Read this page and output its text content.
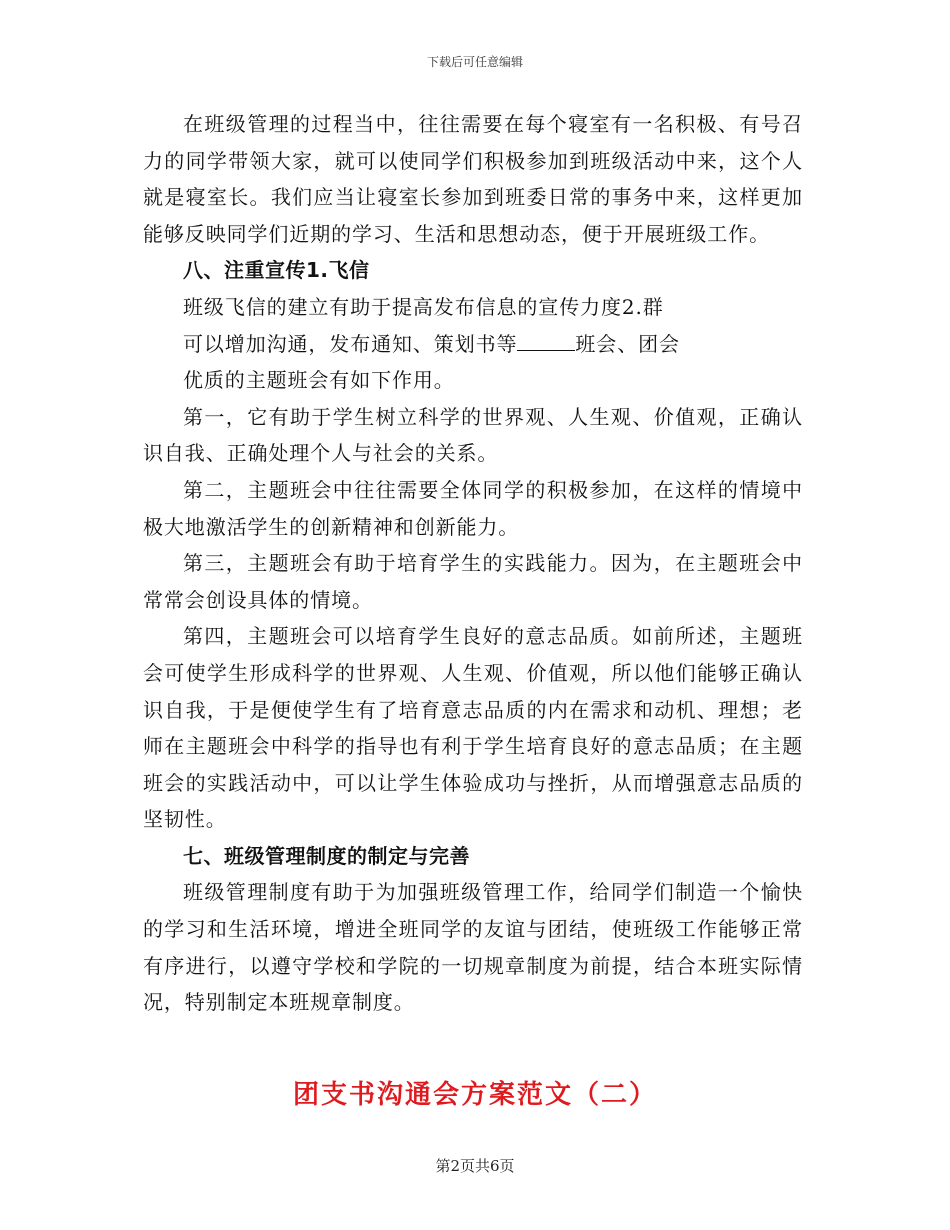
下载后可任意编辑

在班级管理的过程当中，往往需要在每个寝室有一名积极、有号召力的同学带领大家，就可以使同学们积极参加到班级活动中来，这个人就是寝室长。我们应当让寝室长参加到班委日常的事务中来，这样更加能够反映同学们近期的学习、生活和思想动态，便于开展班级工作。

八、注重宣传1.飞信

班级飞信的建立有助于提高发布信息的宣传力度2.群

可以增加沟通，发布通知、策划书等	班会、团会

优质的主题班会有如下作用。

第一，它有助于学生树立科学的世界观、人生观、价值观，正确认识自我、正确处理个人与社会的关系。

第二，主题班会中往往需要全体同学的积极参加，在这样的情境中极大地激活学生的创新精神和创新能力。

第三，主题班会有助于培育学生的实践能力。因为，在主题班会中常常会创设具体的情境。

第四，主题班会可以培育学生良好的意志品质。如前所述，主题班会可使学生形成科学的世界观、人生观、价值观，所以他们能够正确认识自我，于是便使学生有了培育意志品质的内在需求和动机、理想；老师在主题班会中科学的指导也有利于学生培育良好的意志品质；在主题班会的实践活动中，可以让学生体验成功与挫折，从而增强意志品质的坚韧性。

七、班级管理制度的制定与完善

班级管理制度有助于为加强班级管理工作，给同学们制造一个愉快的学习和生活环境，增进全班同学的友谊与团结，使班级工作能够正常有序进行，以遵守学校和学院的一切规章制度为前提，结合本班实际情况，特别制定本班规章制度。

团支书沟通会方案范文（二）
第2页共6页
